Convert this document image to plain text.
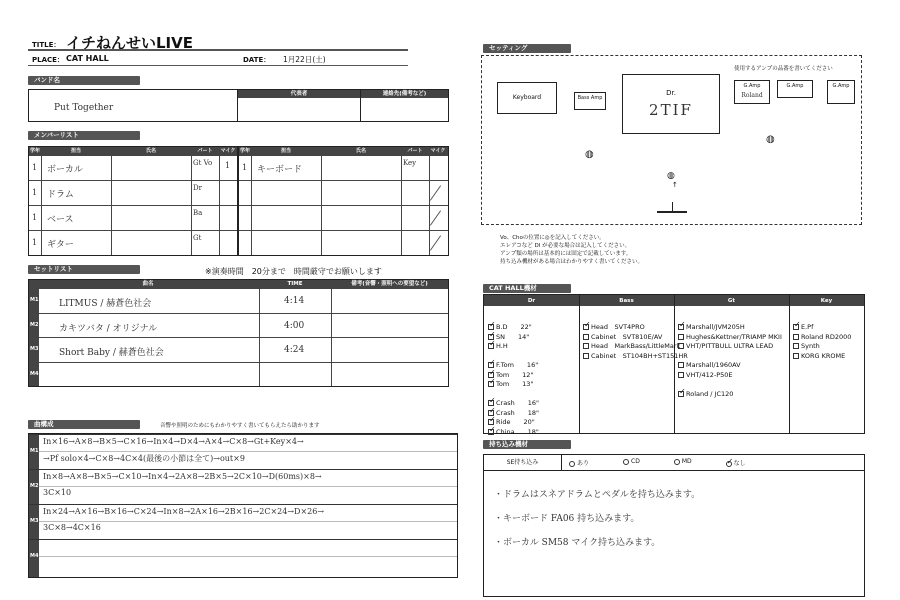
TITLE： イチねんせいLIVE
PLACE： CAT HALL	DATE： 1月22日(土)
バンド名
Put Together
代表者	連絡先(備考など)
メンバーリスト
学年	担当	氏名	パート	マイク
1 ボーカル
Gt Vo	1
1 ドラム
Dr
1 ベース
Ba
1 ギター
Gt
学年	担当	氏名	パート	マイク
1 キーボード
Key
セットリスト	※演奏時間　20分まで　時間厳守でお願いします
曲名	TIME	備考(音響・照明への要望など)
M1 LITMUS / 赫蒼色社会	4:14
M2 カキツバタ / オリジナル	4:00
M3 Short Baby / 赫蒼色社会	4:24
M4
曲構成	音響や照明のためにもわかりやすく書いてもらえたら助かります
M1
In×16→A×8→B×5→C×16→In×4→D×4→A×4→C×8→Gt+Key×4→
→Pf solo×4→C×8→4C×4(最後の小節は全て)→out×9
M2
In×8→A×8→B×5→C×10→In×4→2A×8→2B×5→2C×10→D(60ms)×8→
3C×10
M3
In×24→A×16→B×16→C×24→In×8→2A×16→2B×16→2C×24→D×26→
3C×8→4C×16
M4
セッティング
使用するアンプの品番を書いてください
Keyboard	Bass Amp
Dr.
2TIF
G.Amp
Roland
G.Amp	G.Amp
◍
◍
◍
↑
Vo、Choの位置に◎を記入してください。
エレアコなど DI が必要な場合は記入してください。
アンプ類の場所は基本的には固定で記載しています。
持ち込み機材がある場合はわかりやすく書いてください。
CAT HALL機材
Dr	Bass	Gt	Key
✓B.D　　22"
✓SN　　14"
✓H.H　　
✓F.Tom　　16"
✓Tom　　12"
✓Tom　　13"
✓Crash　　16"
✓Crash　　18"
✓Ride　　20"
✓China　　18"
✓Head　SVT4PRO
Cabinet　SVT810E/AV
Head　MarkBass/LittleMark
Cabinet　ST104BH+ST151HR
✓Marshall/JVM205H
Hughes&Kettner/TRIAMP MKII
VHT/PITTBULL ULTRA LEAD
Marshall/1960AV
VHT/412-P50E
✓Roland / JC120
✓E.Pf
Roland RD2000
Synth
KORG KROME
持ち込み機材
SE持ち込み	あり	CD	MD
✓	なし
・ドラムはスネアドラムとペダルを持ち込みます。
・キーボード FA06 持ち込みます。
・ボーカル SM58 マイク持ち込みます。
